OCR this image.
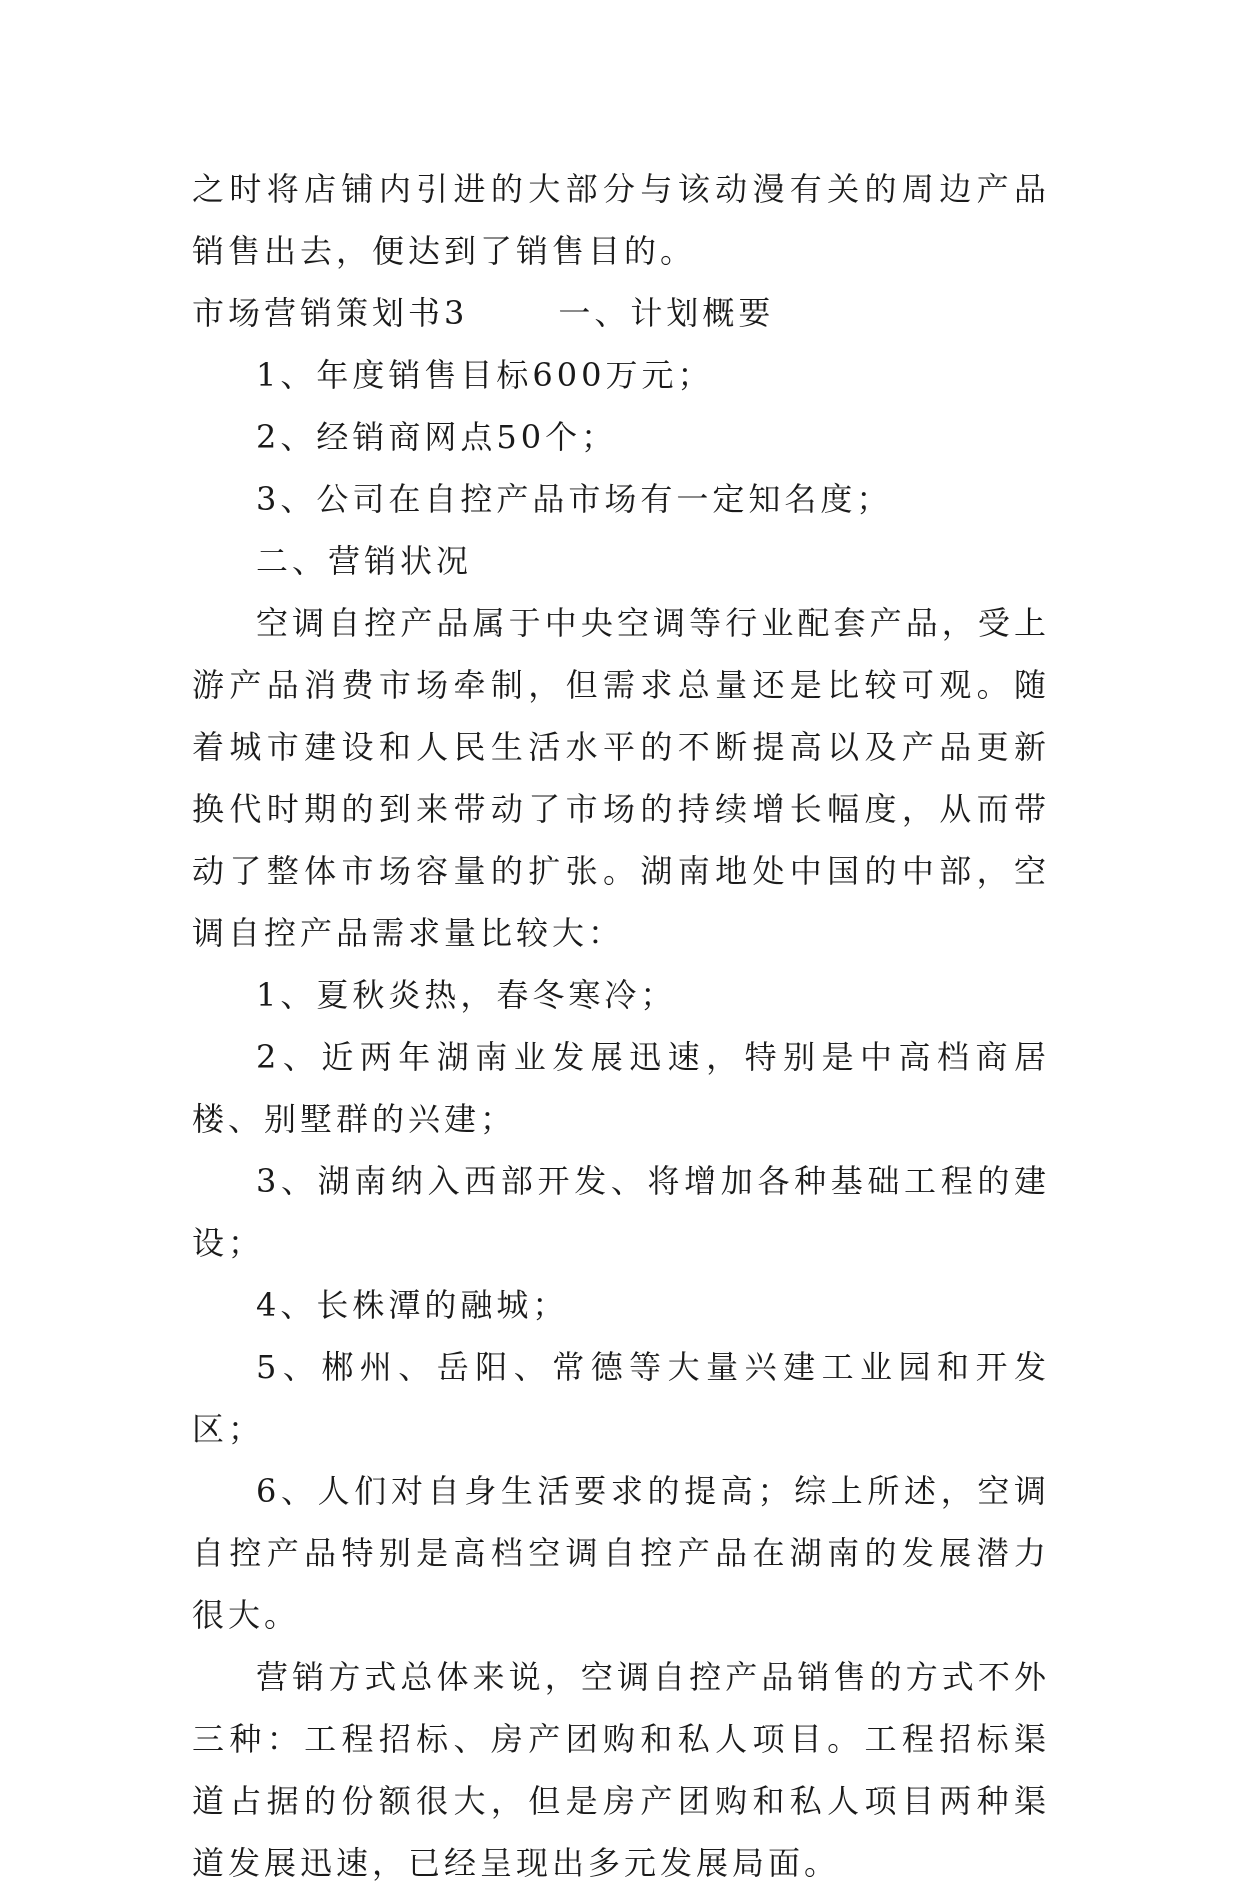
之时将店铺内引进的大部分与该动漫有关的周边产品销售出去，便达到了销售目的。

市场营销策划书3	一、计划概要

1、年度销售目标600万元；

2、经销商网点50个；

3、公司在自控产品市场有一定知名度；

二、营销状况

空调自控产品属于中央空调等行业配套产品，受上游产品消费市场牵制，但需求总量还是比较可观。随着城市建设和人民生活水平的不断提高以及产品更新换代时期的到来带动了市场的持续增长幅度，从而带动了整体市场容量的扩张。湖南地处中国的中部，空调自控产品需求量比较大：

1、夏秋炎热，春冬寒冷；

2、近两年湖南业发展迅速，特别是中高档商居楼、别墅群的兴建；

3、湖南纳入西部开发、将增加各种基础工程的建设；

4、长株潭的融城；

5、郴州、岳阳、常德等大量兴建工业园和开发区；

6、人们对自身生活要求的提高；综上所述，空调自控产品特别是高档空调自控产品在湖南的发展潜力很大。

营销方式总体来说，空调自控产品销售的方式不外三种：工程招标、房产团购和私人项目。工程招标渠道占据的份额很大，但是房产团购和私人项目两种渠道发展迅速，已经呈现出多元发展局面。
